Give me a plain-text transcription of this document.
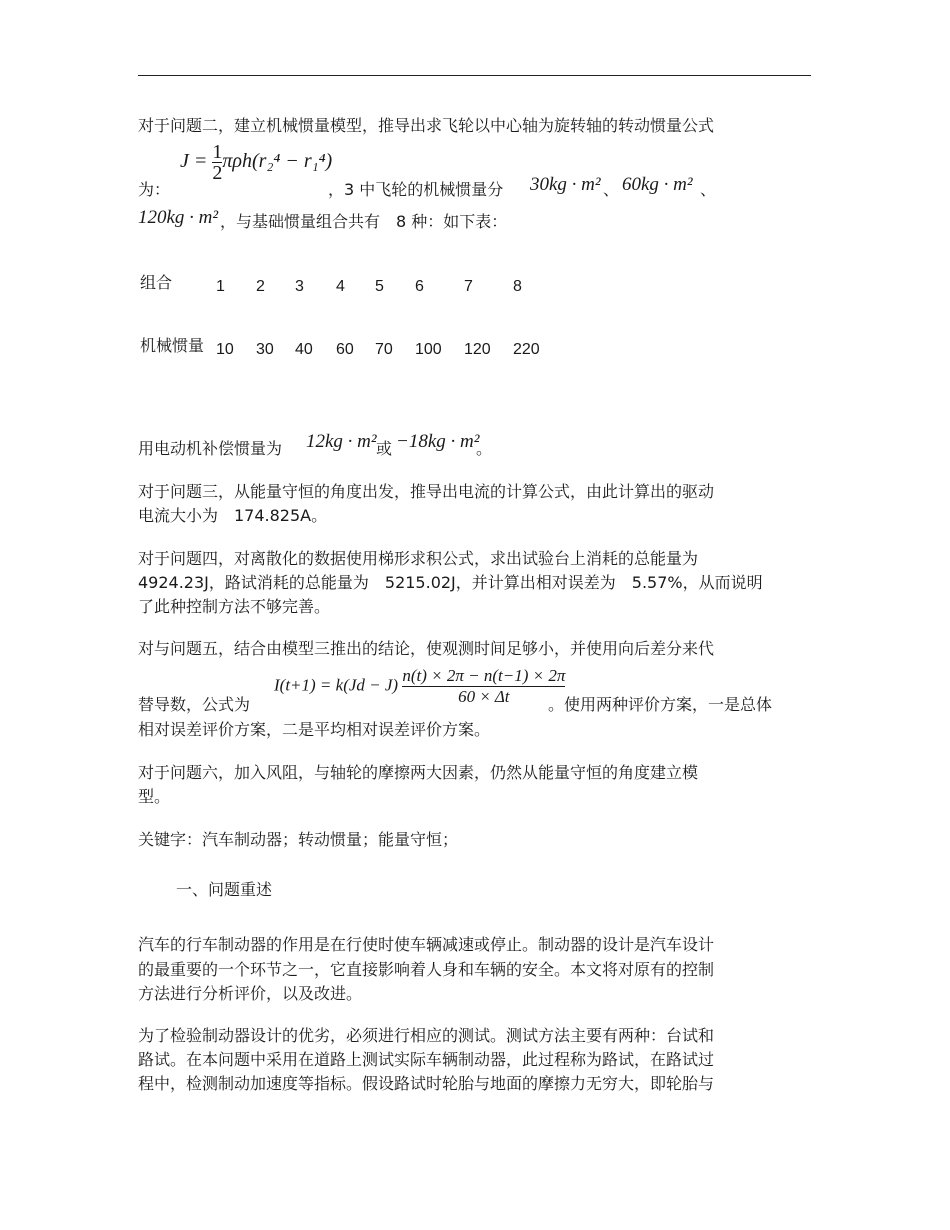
对于问题二，建立机械惯量模型，推导出求飞轮以中心轴为旋转轴的转动惯量公式
$J = \frac{1}{2} \pi\rho h(r_2^4 - r_1^4)$
为：	，3 中飞轮的机械惯量分 30kg · m² 、 60kg · m² 、
120kg · m² ，与基础惯量组合共有　8 种：如下表：
组合	1 2 3 4 5 6	7	8
机械惯量 10 30 40 60 70 100 120 220
用电动机补偿惯量为 12kg · m² 或 −18kg · m²
。
对于问题三，从能量守恒的角度出发，推导出电流的计算公式，由此计算出的驱动
电流大小为　174.825A。
对于问题四，对离散化的数据使用梯形求积公式，求出试验台上消耗的总能量为
4924.23J，路试消耗的总能量为　5215.02J，并计算出相对误差为　5.57%，从而说明
了此种控制方法不够完善。
对与问题五，结合由模型三推出的结论，使观测时间足够小，并使用向后差分来代
替导数，公式为
$I(t+1) = k(Jd - J) \frac{n(t) \times 2\pi - n(t-1) \times 2\pi}{60 \times \Delta t}$
。使用两种评价方案，一是总体
相对误差评价方案，二是平均相对误差评价方案。
对于问题六，加入风阻，与轴轮的摩擦两大因素，仍然从能量守恒的角度建立模
型。
关键字：汽车制动器；转动惯量；能量守恒；
一、问题重述
汽车的行车制动器的作用是在行使时使车辆减速或停止。制动器的设计是汽车设计
的最重要的一个环节之一，它直接影响着人身和车辆的安全。本文将对原有的控制
方法进行分析评价，以及改进。
为了检验制动器设计的优劣，必须进行相应的测试。测试方法主要有两种：台试和
路试。在本问题中采用在道路上测试实际车辆制动器，此过程称为路试，在路试过
程中，检测制动加速度等指标。假设路试时轮胎与地面的摩擦力无穷大，即轮胎与
